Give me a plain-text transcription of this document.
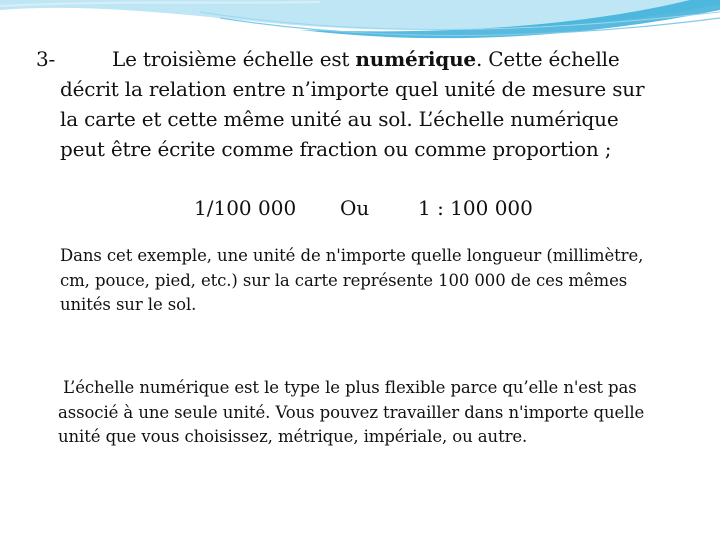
3-	Le troisième échelle est numérique. Cette échelle
décrit la relation entre n’importe quel unité de mesure sur
la carte et cette même unité au sol. L’échelle numérique
peut être écrite comme fraction ou comme proportion ;

1/100 000 Ou 1 : 100 000

Dans cet exemple, une unité de n'importe quelle longueur (millimètre,
cm, pouce, pied, etc.) sur la carte représente 100 000 de ces mêmes
unités sur le sol.

L’échelle numérique est le type le plus flexible parce qu’elle n'est pas
associé à une seule unité. Vous pouvez travailler dans n'importe quelle
unité que vous choisissez, métrique, impériale, ou autre.
